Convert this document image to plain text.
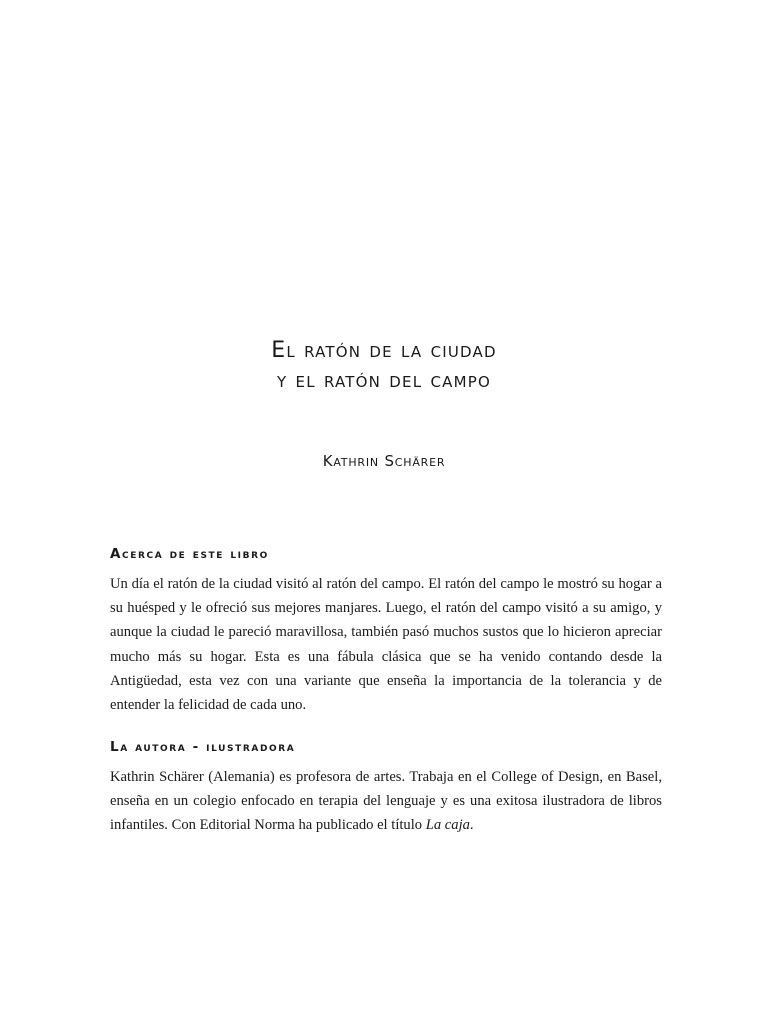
El ratón de la ciudad

y el ratón del campo

Kathrin Schärer

Acerca de este libro

Un día el ratón de la ciudad visitó al ratón del campo. El ratón del campo le mostró su hogar a su huésped y le ofreció sus mejores manjares. Luego, el ratón del campo visitó a su amigo, y aunque la ciudad le pareció maravillosa, también pasó muchos sustos que lo hicieron apreciar mucho más su hogar. Esta es una fábula clásica que se ha venido contando desde la Antigüedad, esta vez con una variante que enseña la importancia de la tolerancia y de entender la felicidad de cada uno.

La autora - ilustradora

Kathrin Schärer (Alemania) es profesora de artes. Trabaja en el College of Design, en Basel, enseña en un colegio enfocado en terapia del lenguaje y es una exitosa ilustradora de libros infantiles. Con Editorial Norma ha publicado el título La caja.
